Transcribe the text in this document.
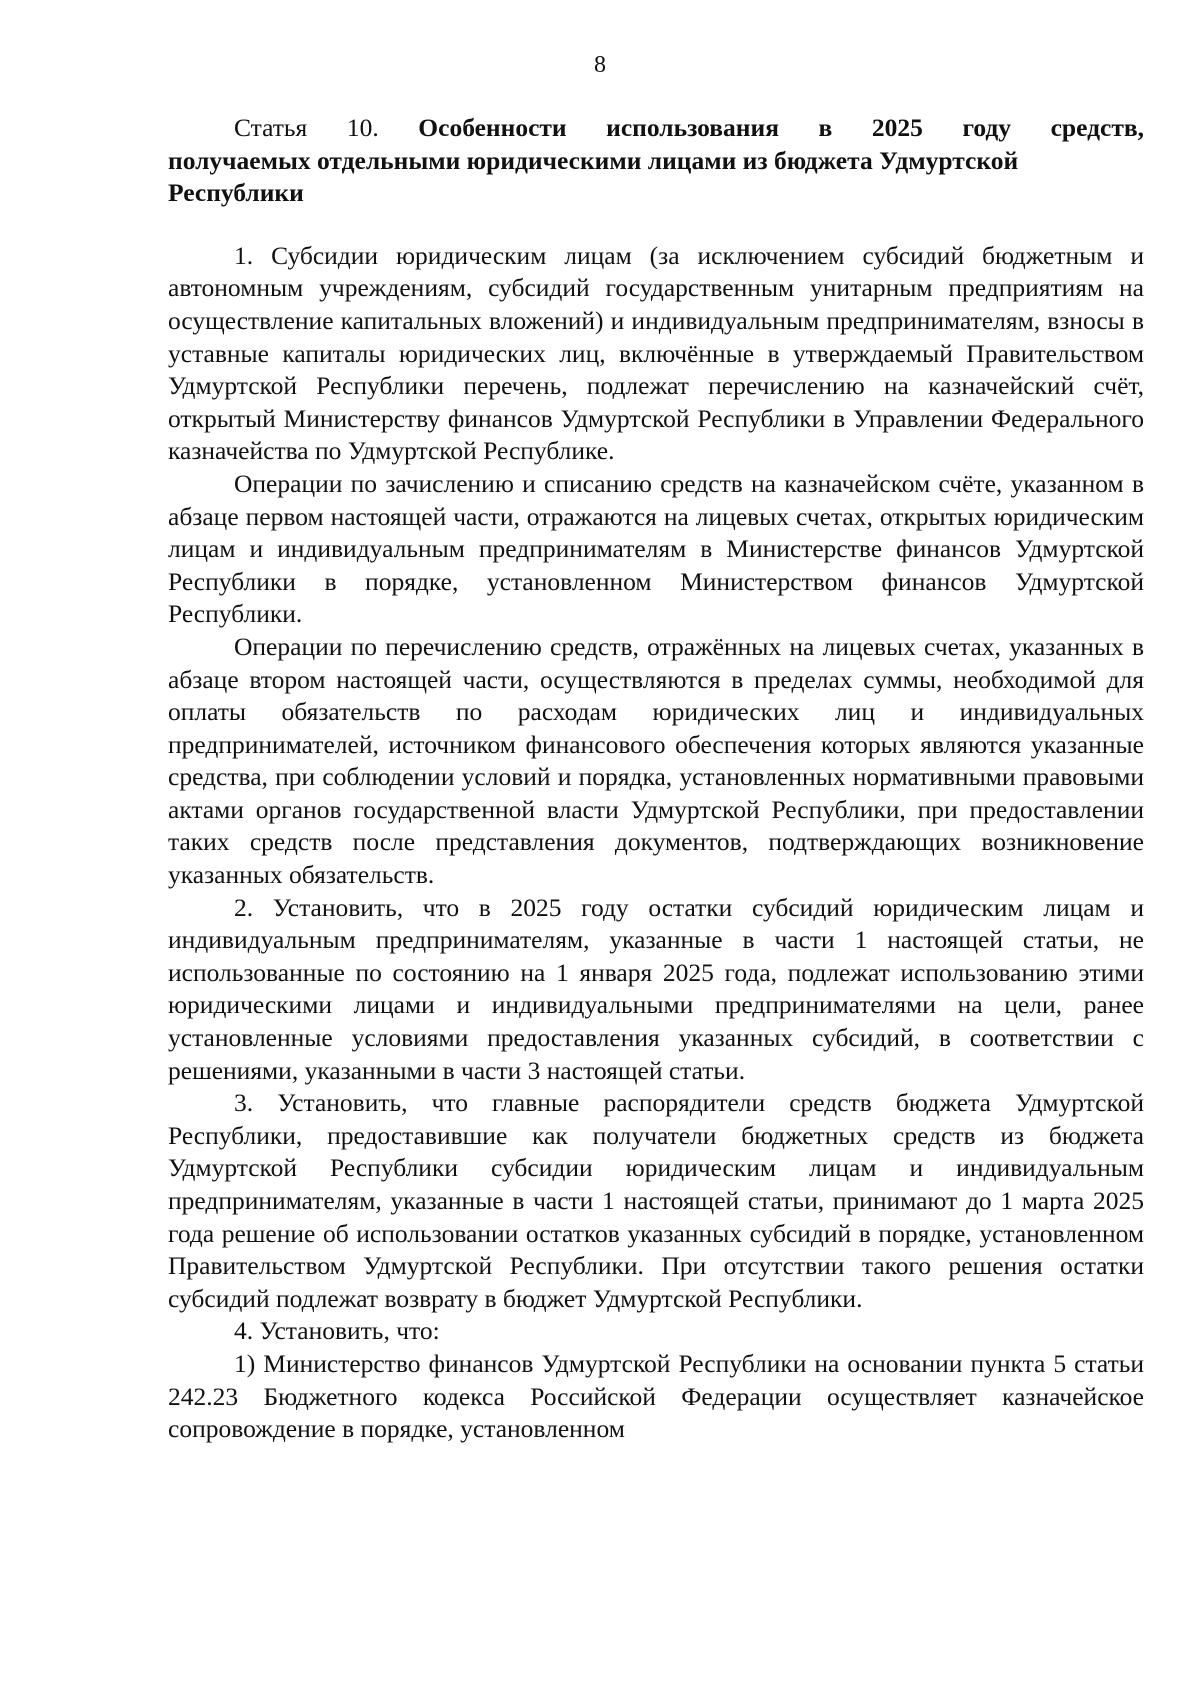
8
Статья 10. Особенности использования в 2025 году средств,
получаемых отдельными юридическими лицами из бюджета Удмуртской
Республики

1. Субсидии юридическим лицам (за исключением субсидий бюджетным и автономным учреждениям, субсидий государственным унитарным предприятиям на осуществление капитальных вложений) и индивидуальным предпринимателям, взносы в уставные капиталы юридических лиц, включённые в утверждаемый Правительством Удмуртской Республики перечень, подлежат перечислению на казначейский счёт, открытый Министерству финансов Удмуртской Республики в Управлении Федерального казначейства по Удмуртской Республике.

Операции по зачислению и списанию средств на казначейском счёте, указанном в абзаце первом настоящей части, отражаются на лицевых счетах, открытых юридическим лицам и индивидуальным предпринимателям в Министерстве финансов Удмуртской Республики в порядке, установленном Министерством финансов Удмуртской Республики.

Операции по перечислению средств, отражённых на лицевых счетах, указанных в абзаце втором настоящей части, осуществляются в пределах суммы, необходимой для оплаты обязательств по расходам юридических лиц и индивидуальных предпринимателей, источником финансового обеспечения которых являются указанные средства, при соблюдении условий и порядка, установленных нормативными правовыми актами органов государственной власти Удмуртской Республики, при предоставлении таких средств после представления документов, подтверждающих возникновение указанных обязательств.

2. Установить, что в 2025 году остатки субсидий юридическим лицам и индивидуальным предпринимателям, указанные в части 1 настоящей статьи, не использованные по состоянию на 1 января 2025 года, подлежат использованию этими юридическими лицами и индивидуальными предпринимателями на цели, ранее установленные условиями предоставления указанных субсидий, в соответствии с решениями, указанными в части 3 настоящей статьи.

3. Установить, что главные распорядители средств бюджета Удмуртской Республики, предоставившие как получатели бюджетных средств из бюджета Удмуртской Республики субсидии юридическим лицам и индивидуальным предпринимателям, указанные в части 1 настоящей статьи, принимают до 1 марта 2025 года решение об использовании остатков указанных субсидий в порядке, установленном Правительством Удмуртской Республики. При отсутствии такого решения остатки субсидий подлежат возврату в бюджет Удмуртской Республики.

4. Установить, что:

1) Министерство финансов Удмуртской Республики на основании пункта 5 статьи 242.23 Бюджетного кодекса Российской Федерации осуществляет казначейское сопровождение в порядке, установленном
